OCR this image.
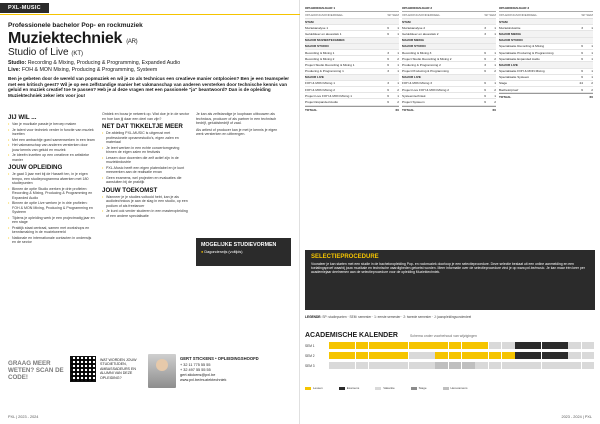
PXL-MUSIC
Professionele bachelor Pop- en rockmuziek
Muziektechniek (AR)
Studio of Live (KT)
Studio: Recording & Mixing, Producing & Programming, Expanded Audio
Live: FOH & MON Mixing, Producing & Programming, Systeem
Ben je gebeten door de wereld van popmuziek en wil je zo als technicus een creatieve manier ontplooien? Ben je een teamspeler met een kritisch geest? Wil je op een zelfstandige manier het vakmanschap van anderen versterken door technische kennis van geluid en muziek creatief toe te passen? Heb je al deze vragen met een passionele "ja" beantwoord? Dan is de opleiding Muziektechniek zeker iets voor jou!
JIJ WIL ...
• Van je muzikale passie je beroep maken
• Je talent voor techniek verder in functie van muziek inzetten
• Met een ambachtje goed samenwerken in een team
• Het vakmanschap van anderen versterken door jouw kennis van geluid en muziek
• Je ideeën inzetten op een creatieve en artistieke manier
JOUW OPLEIDING
• Je gaat 3 jaar met bij de Hasselt ten, in je eigen tempo, een studieprogramma afwerken met 180 studiepunten
• Binnen de optie Studio werken je drie profielen: Recording & Mixing, Producing & Programming en Expanded Audio
• Binnen de optie Live werken je in drie profielen: FOH & MON Mixing, Producing & Programming en Systeem
• Tijdens je opleiding werk je een projectmatig jaar en een stage
• Praktijk staat centraal, samen met workshops en kennismaking in de muziekwereld
• Nationale en internationale contacten in onderwijs en de sector

Ontdek en bouw je netwerk op. Wat doe je in de sector en hoe kan jij daar een deel van zijn?

NET DAT TIKKELTJE MEER
• De afdeling PXL-MUSIC is uitgerust met professionele opnamestudio's, eigen zalen en materiaal
• Je leert werken in een echte concertomgeving binnen de eigen zalen en festivals
• Lessen door docenten die zelf actief zijn in de muziekindustrie
• PXL-Music heeft een eigen platenlabel en je kunt meewerken aan de realisatie ervan
• Geen examens, wel projecten en evaluaties die aansluiten bij de praktijk
JOUW TOEKOMST
• Wanneer je je studies voltooid hebt, kan je als audiotechnicus je aan de slag in een studio, op een podium of als freelancer
• Je kunt ook verder studeren in een masteropleiding of een andere specialisatie

Je kan als zelfstandige je loopbaan uitbouwen als technicus, producer of als partner in een technisch bedrijf, geluidsbedrijf of zaal.

Als artiest of producer kan je met je kennis je eigen werk versterken en uitbrengen.

MOGELIJKE STUDIEVORMEN
● Dagonderwijs (voltijds)
GRAAG MEER WETEN? SCAN DE CODE!
WAT WORDEN JOUW STUDIETIJDEN, AMBASSADEURS EN ALUMNI VAN DEZE OPLEIDING?
GERT STICKENS • OPLEIDINGSHOOFD
+ 32 11 775 55 55
+ 32 497 55 55 55
gert.stickens@pxl.be
www.pxl.be/muziektechniek
PXL | 2023 - 2024
OPLEIDINGSJAAR 1
OPLEIDINGSONDERDEEL	SP SEM
STAM
Muziekanalyse 1	6	1
Geluidsleer en akoestiek 1	6	1
MAJOR MUZIEKTECHNIEK
MAJOR STUDIO
Recording & Mixing 1	3	1
Recording & Mixing 2	6	2
Project Studio Recording & Mixing 1	6	1
Producing & Programming 1	3	1
MAJOR LIVE
FOH & MON Mixing 1	3	1
FOH & MON Mixing 2	6	2
Project Live FOH & MON Mixing 1	6	1
Project Expanded Audio	6	2
TOTAAL	60
OPLEIDINGSJAAR 2
OPLEIDINGSONDERDEEL	SP SEM
STAM
Muziekanalyse 2	3	1
Geluidsleer en akoestiek 2	3	1
MAJOR MEDIA
MAJOR STUDIO
Recording & Mixing 3	6	1
Project Studio Recording & Mixing 2	6	2
Producing & Programming 2	3	1
Project Producing & Programming	6	2
MAJOR LIVE
FOH & MON Mixing 3	6	1
Project Live FOH & MON Mixing 2	6	2
Systeemtechniek	6	1
Project Systeem	6	2
TOTAAL	60
OPLEIDINGSJAAR 3
OPLEIDINGSONDERDEEL	SP SEM
STAM
Muziekindustrie	3	1
MAJOR MEDIA
MAJOR STUDIO
Specialisatie Recording & Mixing	6	1
Specialisatie Producing & Programming	6	1
Specialisatie Expanded Audio	6	1
MAJOR LIVE
Specialisatie FOH & MON Mixing	6	1
Specialisatie Systeem	6	1
Stage	24	2
Bachelorproef	6	2
TOTAAL	60
SELECTIEPROCEDURE
Vooraleer je kan starten met een studie in de bacheloropleiding Pop- en rockmuziek doorloop je een selectieprocedure. Deze selectie bestaat uit een online aanmelding en een toelatingsproef waarbij jouw muzikale en technische vaardigheden getoetst worden. Meer informatie over de selectieprocedure vind je op www.pxl.be/music. Je kan maar één keer per academiejaar deelnemen aan de selectieprocedure voor de opleiding Muziektechniek.
LEGENDE: SP: studiepunten · SEM: semester · 1: eerste semester · 2: tweede semester · J: jaaropleidingsonderdeel
ACADEMISCHE KALENDER	Schema onder voorbehoud van wijzigingen
SEM 1
SEM 2
SEM 3
Lessen	Examens	Vakantie	Stage	Herexamens
2023 - 2024 | PXL
